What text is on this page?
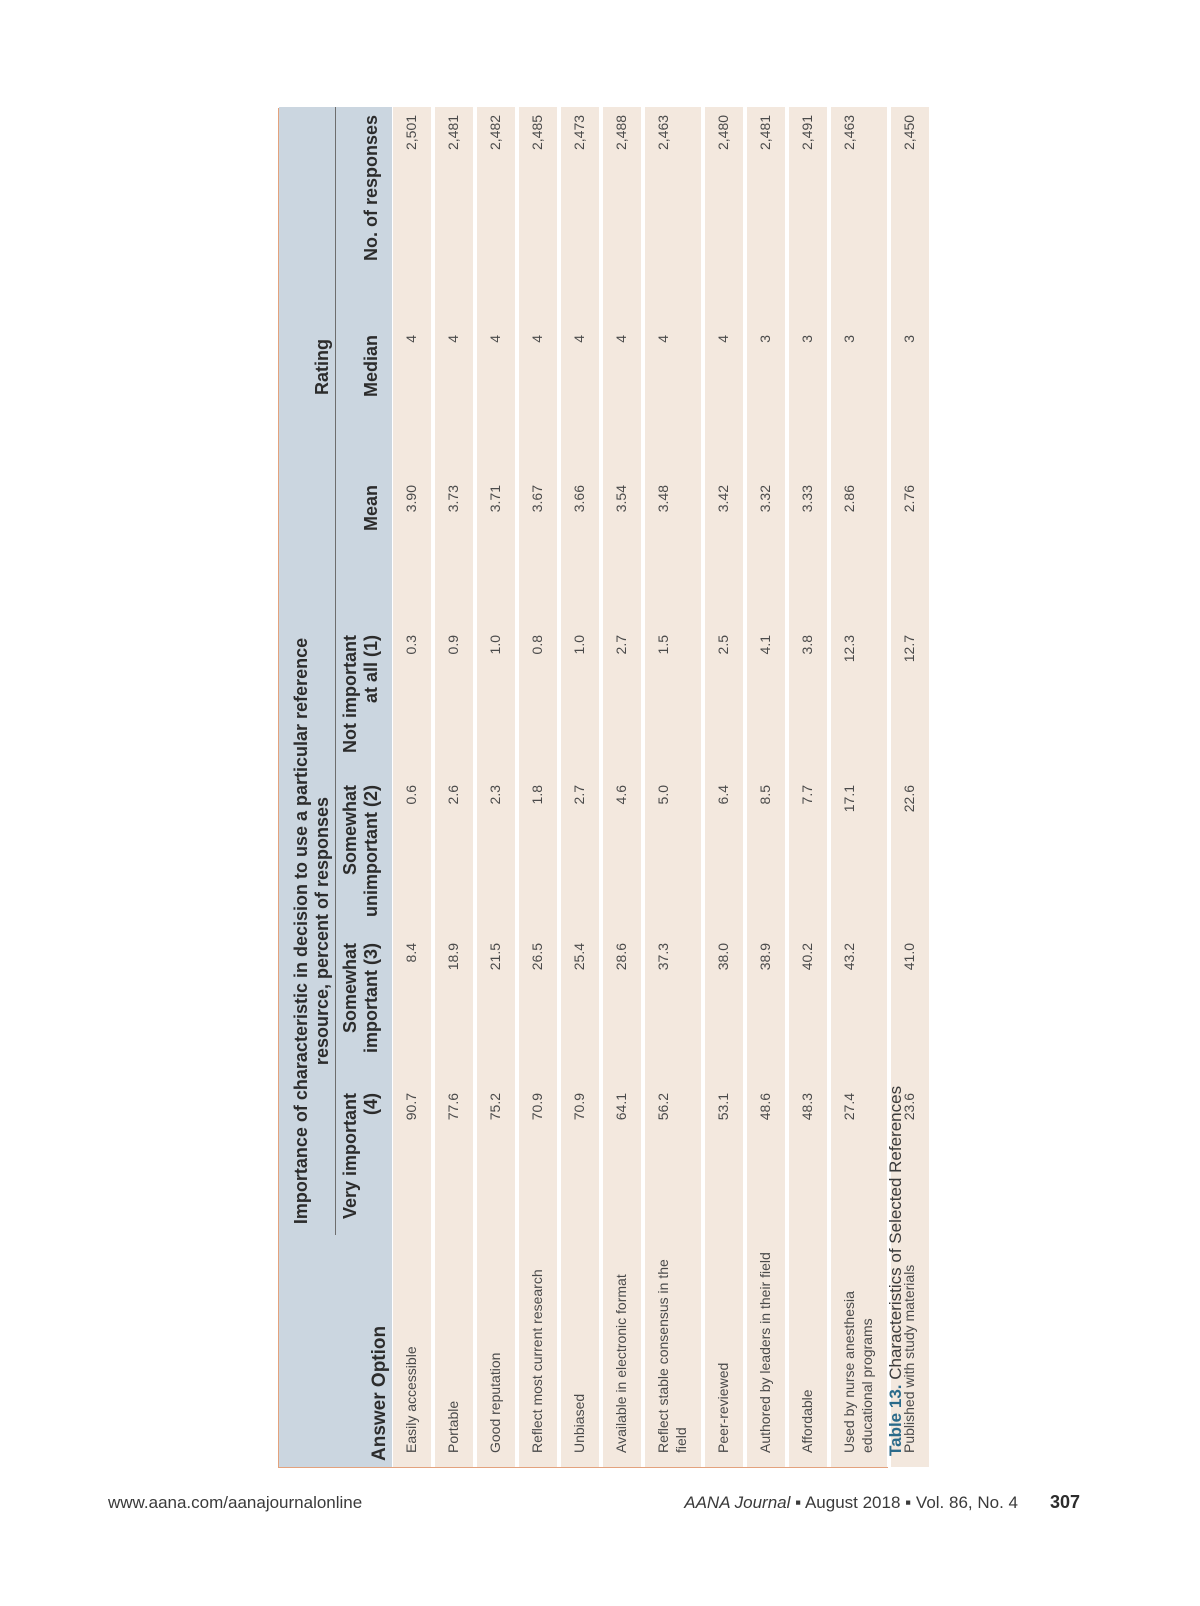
Answer Option	Importance of characteristic in decision to use a particular reference resource, percent of responses				Rating		
	Very important (4)	Somewhat important (3)	Somewhat unimportant (2)	Not important at all (1)	Mean	Median	No. of responses
Easily accessible	90.7	8.4	0.6	0.3	3.90	4	2,501
Portable	77.6	18.9	2.6	0.9	3.73	4	2,481
Good reputation	75.2	21.5	2.3	1.0	3.71	4	2,482
Reflect most current research	70.9	26.5	1.8	0.8	3.67	4	2,485
Unbiased	70.9	25.4	2.7	1.0	3.66	4	2,473
Available in electronic format	64.1	28.6	4.6	2.7	3.54	4	2,488
Reflect stable consensus in the field	56.2	37.3	5.0	1.5	3.48	4	2,463
Peer-reviewed	53.1	38.0	6.4	2.5	3.42	4	2,480
Authored by leaders in their field	48.6	38.9	8.5	4.1	3.32	3	2,481
Affordable	48.3	40.2	7.7	3.8	3.33	3	2,491
Used by nurse anesthesia educational programs	27.4	43.2	17.1	12.3	2.86	3	2,463
Published with study materials	23.6	41.0	22.6	12.7	2.76	3	2,450
Table 13. Characteristics of Selected References
www.aana.com/aanajournalonline	AANA Journal ▪ August 2018 ▪ Vol. 86, No. 4 307
